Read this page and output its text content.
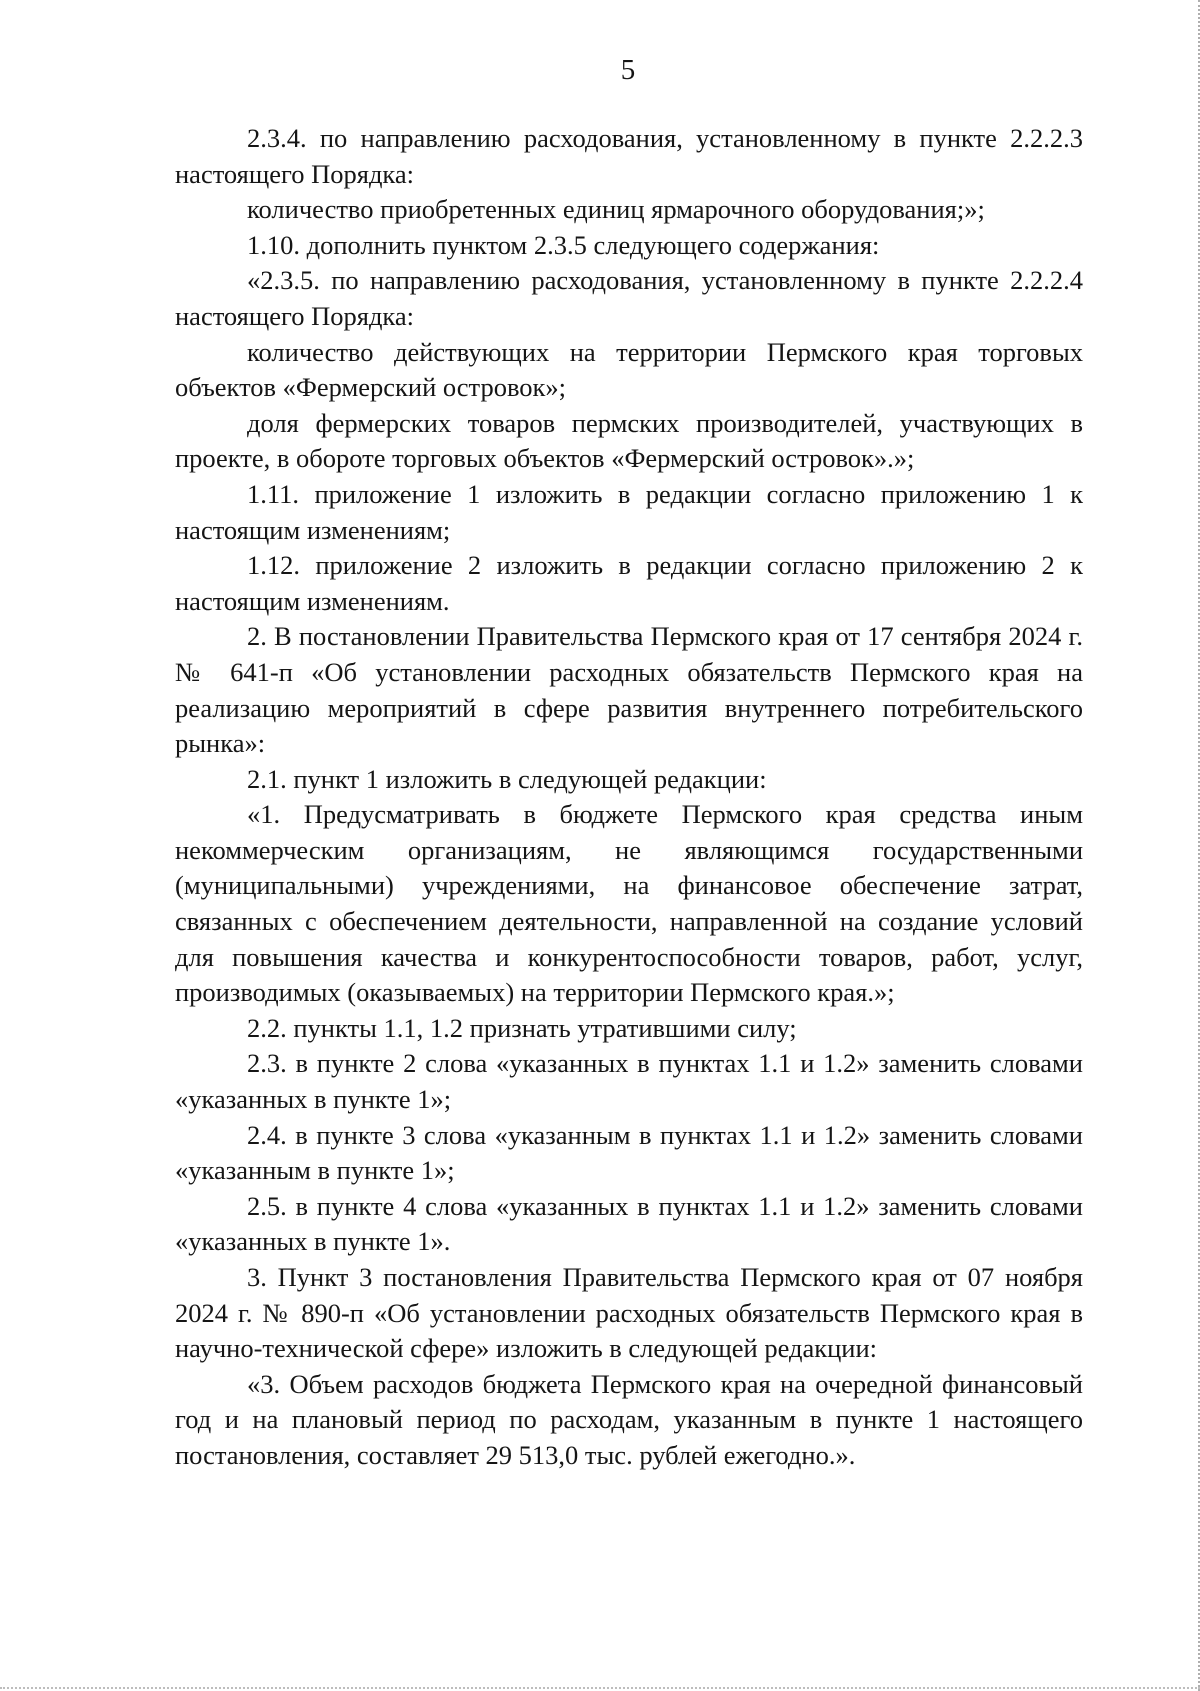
5

2.3.4. по направлению расходования, установленному в пункте 2.2.2.3 настоящего Порядка:

количество приобретенных единиц ярмарочного оборудования;»;

1.10. дополнить пунктом 2.3.5 следующего содержания:

«2.3.5. по направлению расходования, установленному в пункте 2.2.2.4 настоящего Порядка:

количество действующих на территории Пермского края торговых объектов «Фермерский островок»;

доля фермерских товаров пермских производителей, участвующих в проекте, в обороте торговых объектов «Фермерский островок».»;

1.11. приложение 1 изложить в редакции согласно приложению 1 к настоящим изменениям;

1.12. приложение 2 изложить в редакции согласно приложению 2 к настоящим изменениям.

2. В постановлении Правительства Пермского края от 17 сентября 2024 г. № 641-п «Об установлении расходных обязательств Пермского края на реализацию мероприятий в сфере развития внутреннего потребительского рынка»:

2.1. пункт 1 изложить в следующей редакции:

«1. Предусматривать в бюджете Пермского края средства иным некоммерческим организациям, не являющимся государственными (муниципальными) учреждениями, на финансовое обеспечение затрат, связанных с обеспечением деятельности, направленной на создание условий для повышения качества и конкурентоспособности товаров, работ, услуг, производимых (оказываемых) на территории Пермского края.»;

2.2. пункты 1.1, 1.2 признать утратившими силу;

2.3. в пункте 2 слова «указанных в пунктах 1.1 и 1.2» заменить словами «указанных в пункте 1»;

2.4. в пункте 3 слова «указанным в пунктах 1.1 и 1.2» заменить словами «указанным в пункте 1»;

2.5. в пункте 4 слова «указанных в пунктах 1.1 и 1.2» заменить словами «указанных в пункте 1».

3. Пункт 3 постановления Правительства Пермского края от 07 ноября 2024 г. № 890-п «Об установлении расходных обязательств Пермского края в научно-технической сфере» изложить в следующей редакции:

«3. Объем расходов бюджета Пермского края на очередной финансовый год и на плановый период по расходам, указанным в пункте 1 настоящего постановления, составляет 29 513,0 тыс. рублей ежегодно.».
